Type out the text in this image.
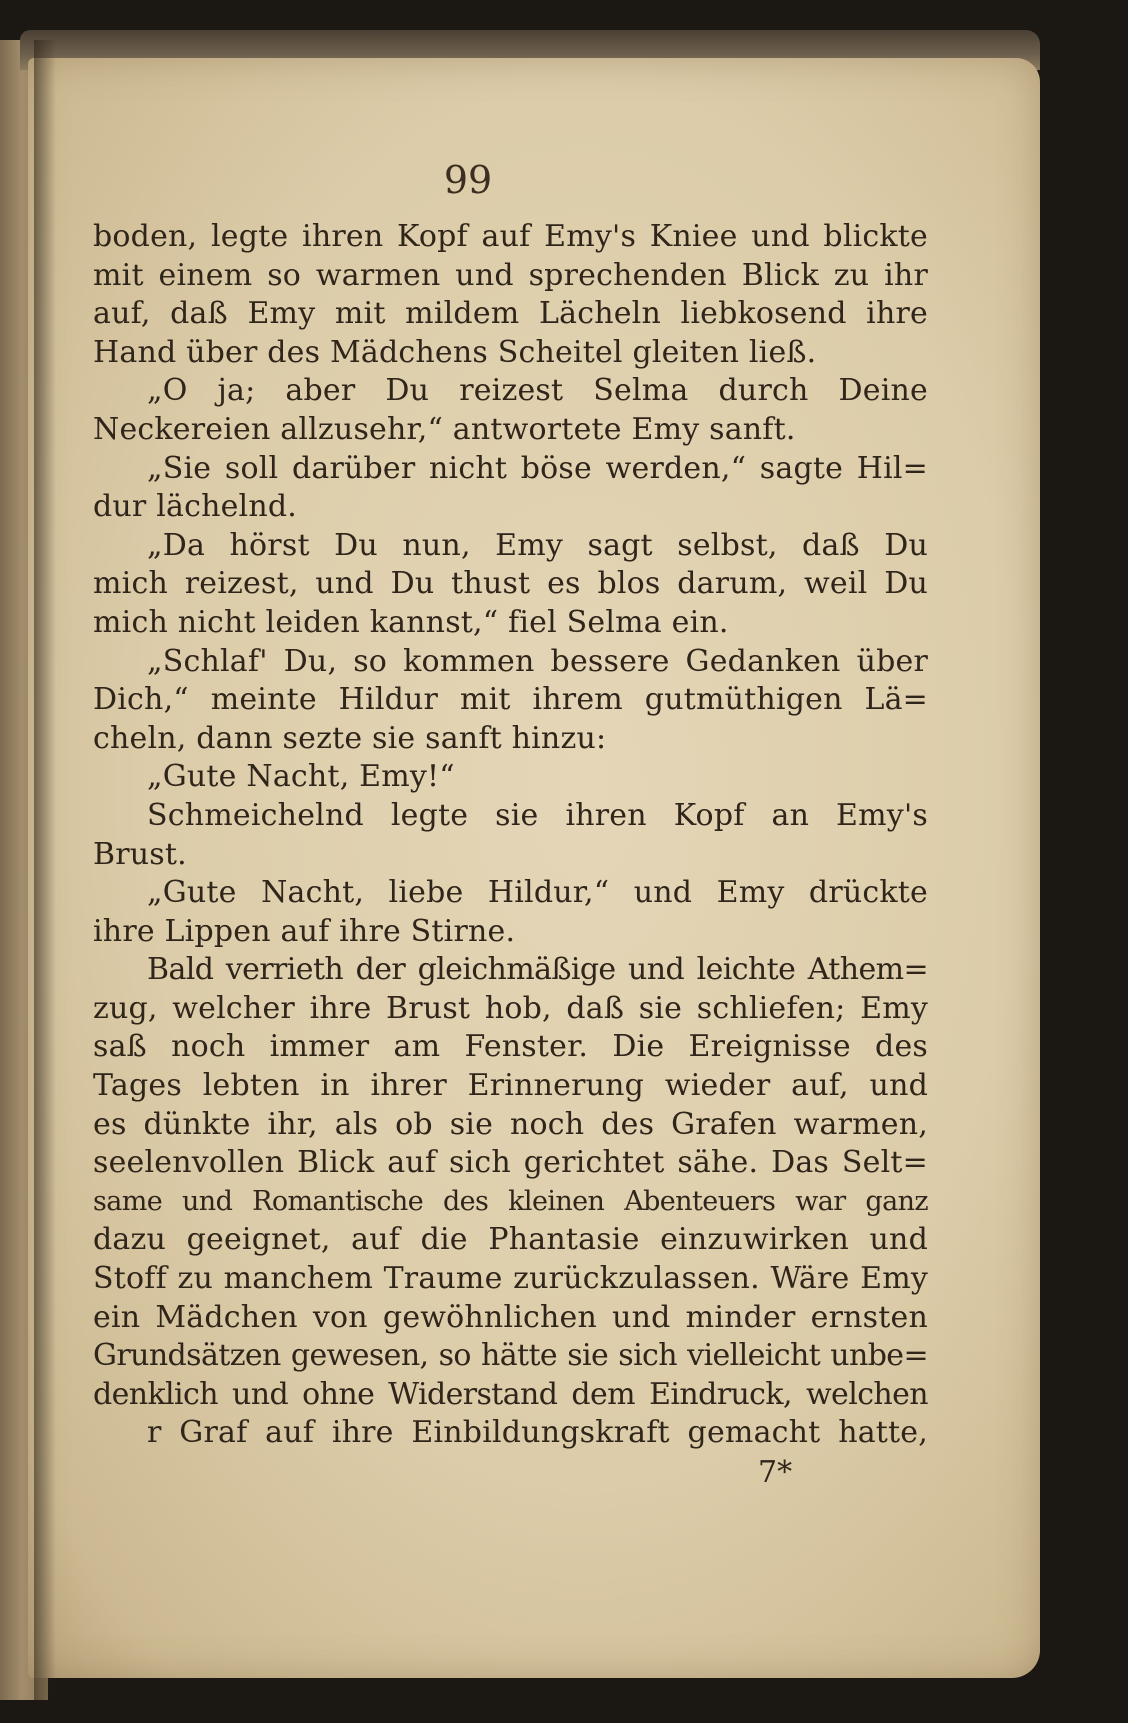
99
boden, legte ihren Kopf auf Emy's Kniee und blickte
mit einem so warmen und sprechenden Blick zu ihr
auf, daß Emy mit mildem Lächeln liebkosend ihre
Hand über des Mädchens Scheitel gleiten ließ.
„O ja; aber Du reizest Selma durch Deine
Neckereien allzusehr,“ antwortete Emy sanft.
„Sie soll darüber nicht böse werden,“ sagte Hil=
dur lächelnd.
„Da hörst Du nun, Emy sagt selbst, daß Du
mich reizest, und Du thust es blos darum, weil Du
mich nicht leiden kannst,“ fiel Selma ein.
„Schlaf' Du, so kommen bessere Gedanken über
Dich,“ meinte Hildur mit ihrem gutmüthigen Lä=
cheln, dann sezte sie sanft hinzu:
„Gute Nacht, Emy!“
Schmeichelnd legte sie ihren Kopf an Emy's
Brust.
„Gute Nacht, liebe Hildur,“ und Emy drückte
ihre Lippen auf ihre Stirne.
Bald verrieth der gleichmäßige und leichte Athem=
zug, welcher ihre Brust hob, daß sie schliefen; Emy
saß noch immer am Fenster. Die Ereignisse des
Tages lebten in ihrer Erinnerung wieder auf, und
es dünkte ihr, als ob sie noch des Grafen warmen,
seelenvollen Blick auf sich gerichtet sähe. Das Selt=
same und Romantische des kleinen Abenteuers war ganz
dazu geeignet, auf die Phantasie einzuwirken und
Stoff zu manchem Traume zurückzulassen. Wäre Emy
ein Mädchen von gewöhnlichen und minder ernsten
Grundsätzen gewesen, so hätte sie sich vielleicht unbe=
denklich und ohne Widerstand dem Eindruck, welchen
r Graf auf ihre Einbildungskraft gemacht hatte,
7*
